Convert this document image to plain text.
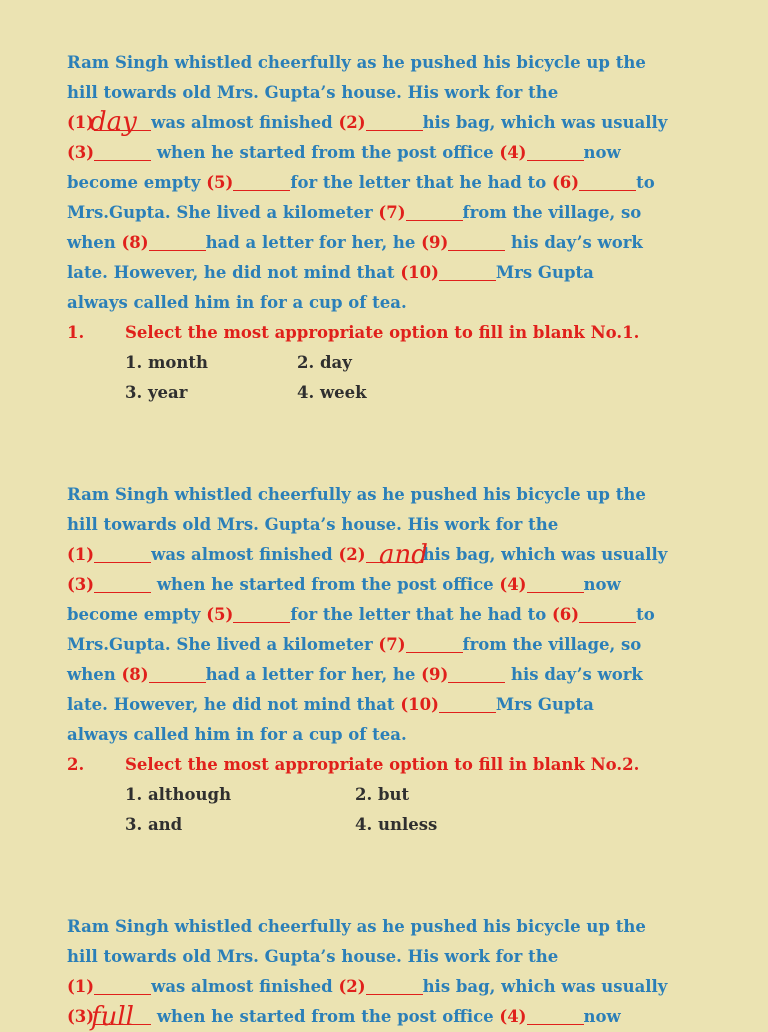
Ram Singh whistled cheerfully as he pushed his bicycle up the
hill towards old Mrs. Gupta’s house. His work for the
(1)	was almost finished (2)	his bag, which was usually
(3)	when he started from the post office (4)	now
become empty (5)	for the letter that he had to (6)	to
Mrs.Gupta. She lived a kilometer (7)	from the village, so
when (8)	had a letter for her, he (9)	his day’s work
late. However, he did not mind that (10)	Mrs Gupta
always called him in for a cup of tea.
1. Select the most appropriate option to fill in blank No.1.
1. month	2. day
3. year	4. week
day
Ram Singh whistled cheerfully as he pushed his bicycle up the
hill towards old Mrs. Gupta’s house. His work for the
(1)	was almost finished (2)	his bag, which was usually
(3)	when he started from the post office (4)	now
become empty (5)	for the letter that he had to (6)	to
Mrs.Gupta. She lived a kilometer (7)	from the village, so
when (8)	had a letter for her, he (9)	his day’s work
late. However, he did not mind that (10)	Mrs Gupta
always called him in for a cup of tea.
2. Select the most appropriate option to fill in blank No.2.
1. although	2. but
3. and	4. unless
and
Ram Singh whistled cheerfully as he pushed his bicycle up the
hill towards old Mrs. Gupta’s house. His work for the
(1)	was almost finished (2)	his bag, which was usually
(3)	when he started from the post office (4)	now
full
